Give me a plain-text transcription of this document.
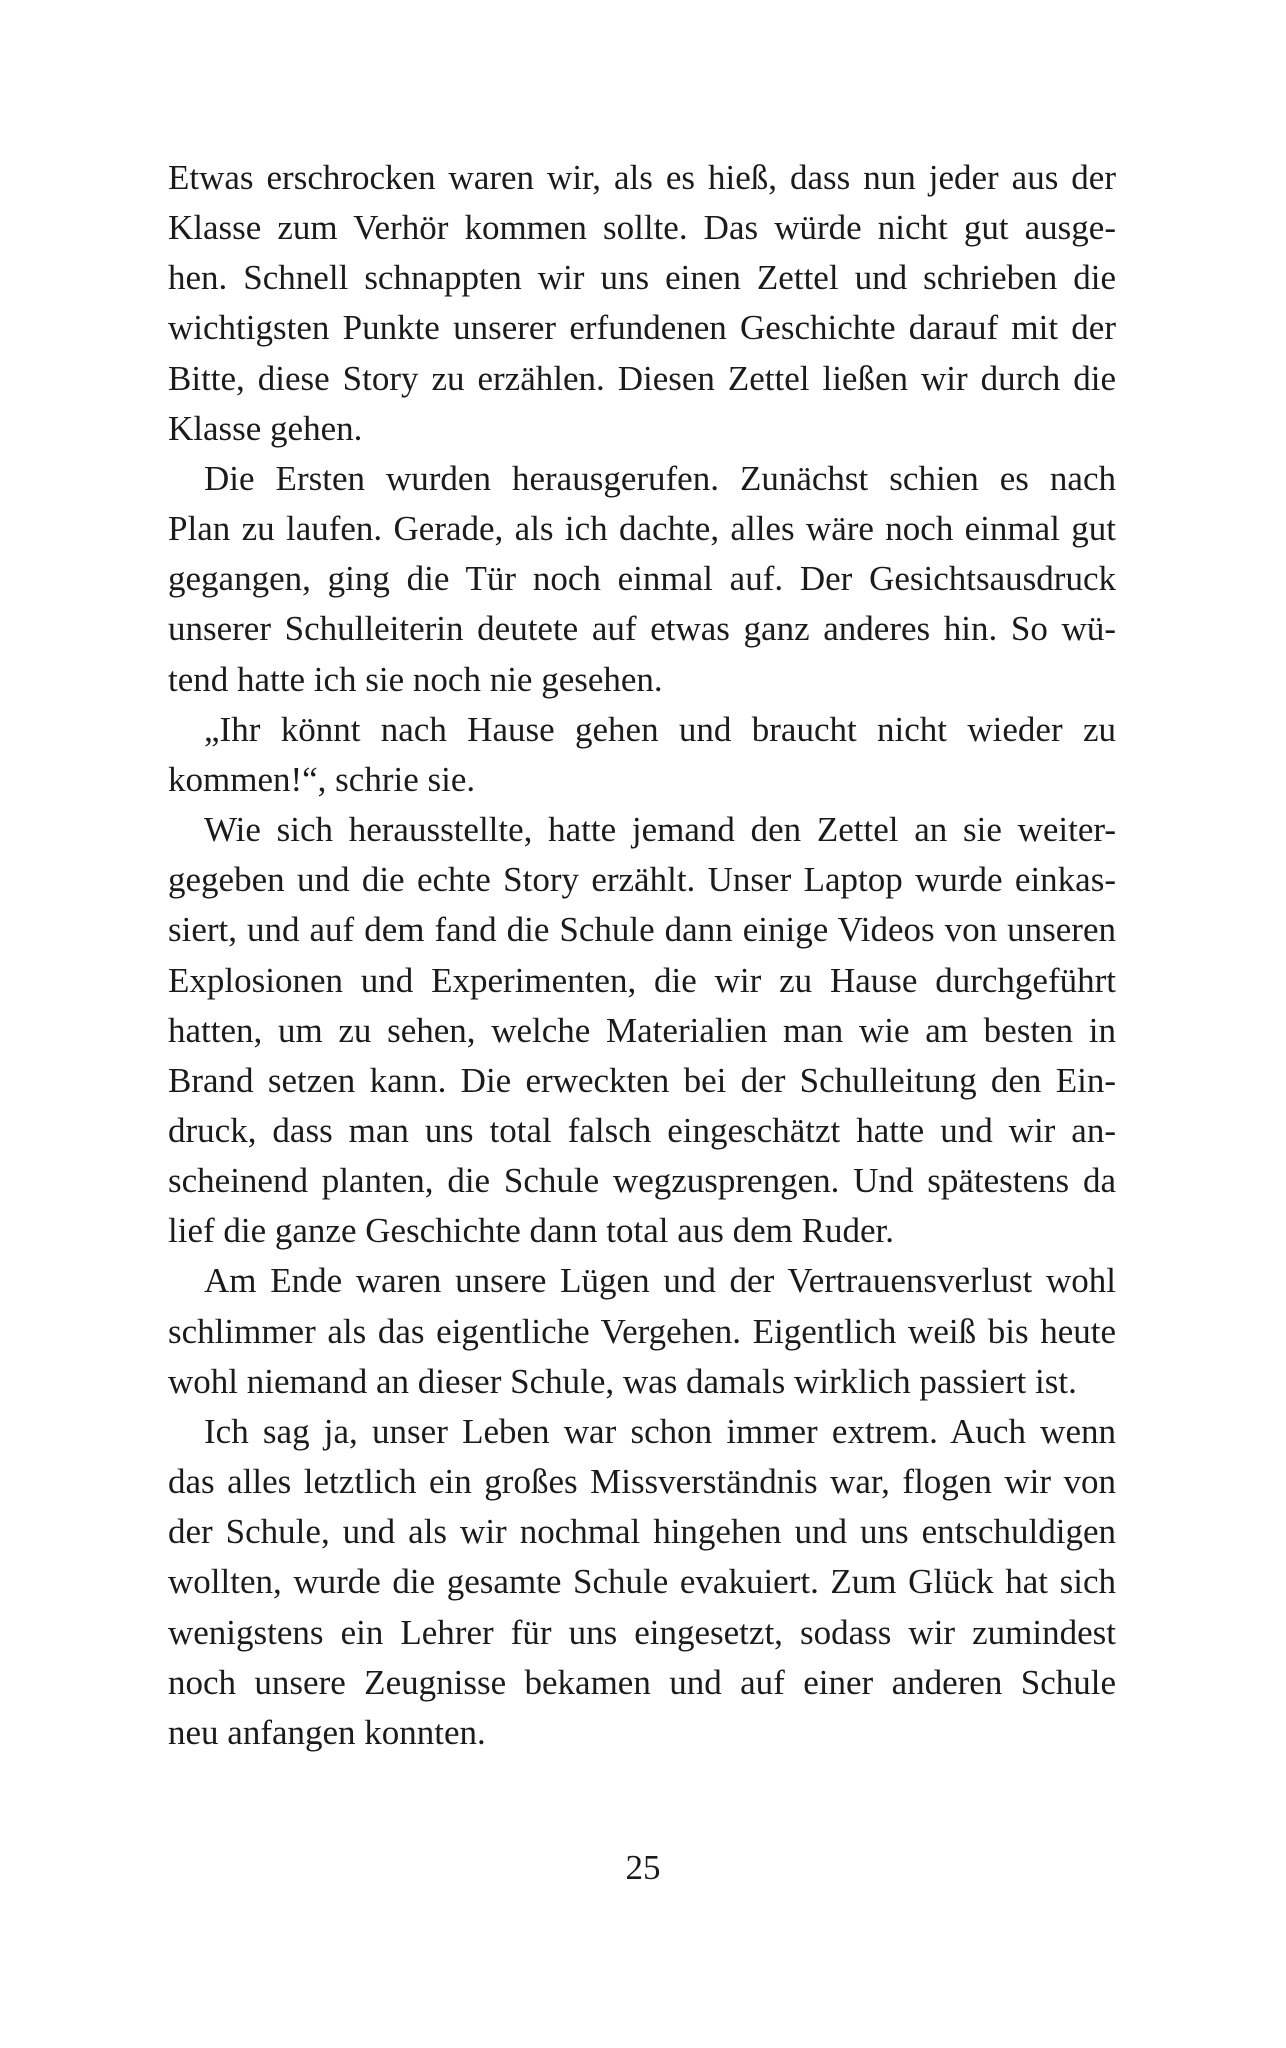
Etwas erschrocken waren wir, als es hieß, dass nun jeder aus der
Klasse zum Verhör kommen sollte. Das würde nicht gut ausge-
hen. Schnell schnappten wir uns einen Zettel und schrieben die
wichtigsten Punkte unserer erfundenen Geschichte darauf mit der
Bitte, diese Story zu erzählen. Diesen Zettel ließen wir durch die
Klasse gehen.
Die Ersten wurden herausgerufen. Zunächst schien es nach
Plan zu laufen. Gerade, als ich dachte, alles wäre noch einmal gut
gegangen, ging die Tür noch einmal auf. Der Gesichtsausdruck
unserer Schulleiterin deutete auf etwas ganz anderes hin. So wü-
tend hatte ich sie noch nie gesehen.
„Ihr könnt nach Hause gehen und braucht nicht wieder zu
kommen!“, schrie sie.
Wie sich herausstellte, hatte jemand den Zettel an sie weiter-
gegeben und die echte Story erzählt. Unser Laptop wurde einkas-
siert, und auf dem fand die Schule dann einige Videos von unseren
Explosionen und Experimenten, die wir zu Hause durchgeführt
hatten, um zu sehen, welche Materialien man wie am besten in
Brand setzen kann. Die erweckten bei der Schulleitung den Ein-
druck, dass man uns total falsch eingeschätzt hatte und wir an-
scheinend planten, die Schule wegzusprengen. Und spätestens da
lief die ganze Geschichte dann total aus dem Ruder.
Am Ende waren unsere Lügen und der Vertrauensverlust wohl
schlimmer als das eigentliche Vergehen. Eigentlich weiß bis heute
wohl niemand an dieser Schule, was damals wirklich passiert ist.
Ich sag ja, unser Leben war schon immer extrem. Auch wenn
das alles letztlich ein großes Missverständnis war, flogen wir von
der Schule, und als wir nochmal hingehen und uns entschuldigen
wollten, wurde die gesamte Schule evakuiert. Zum Glück hat sich
wenigstens ein Lehrer für uns eingesetzt, sodass wir zumindest
noch unsere Zeugnisse bekamen und auf einer anderen Schule
neu anfangen konnten.
25
